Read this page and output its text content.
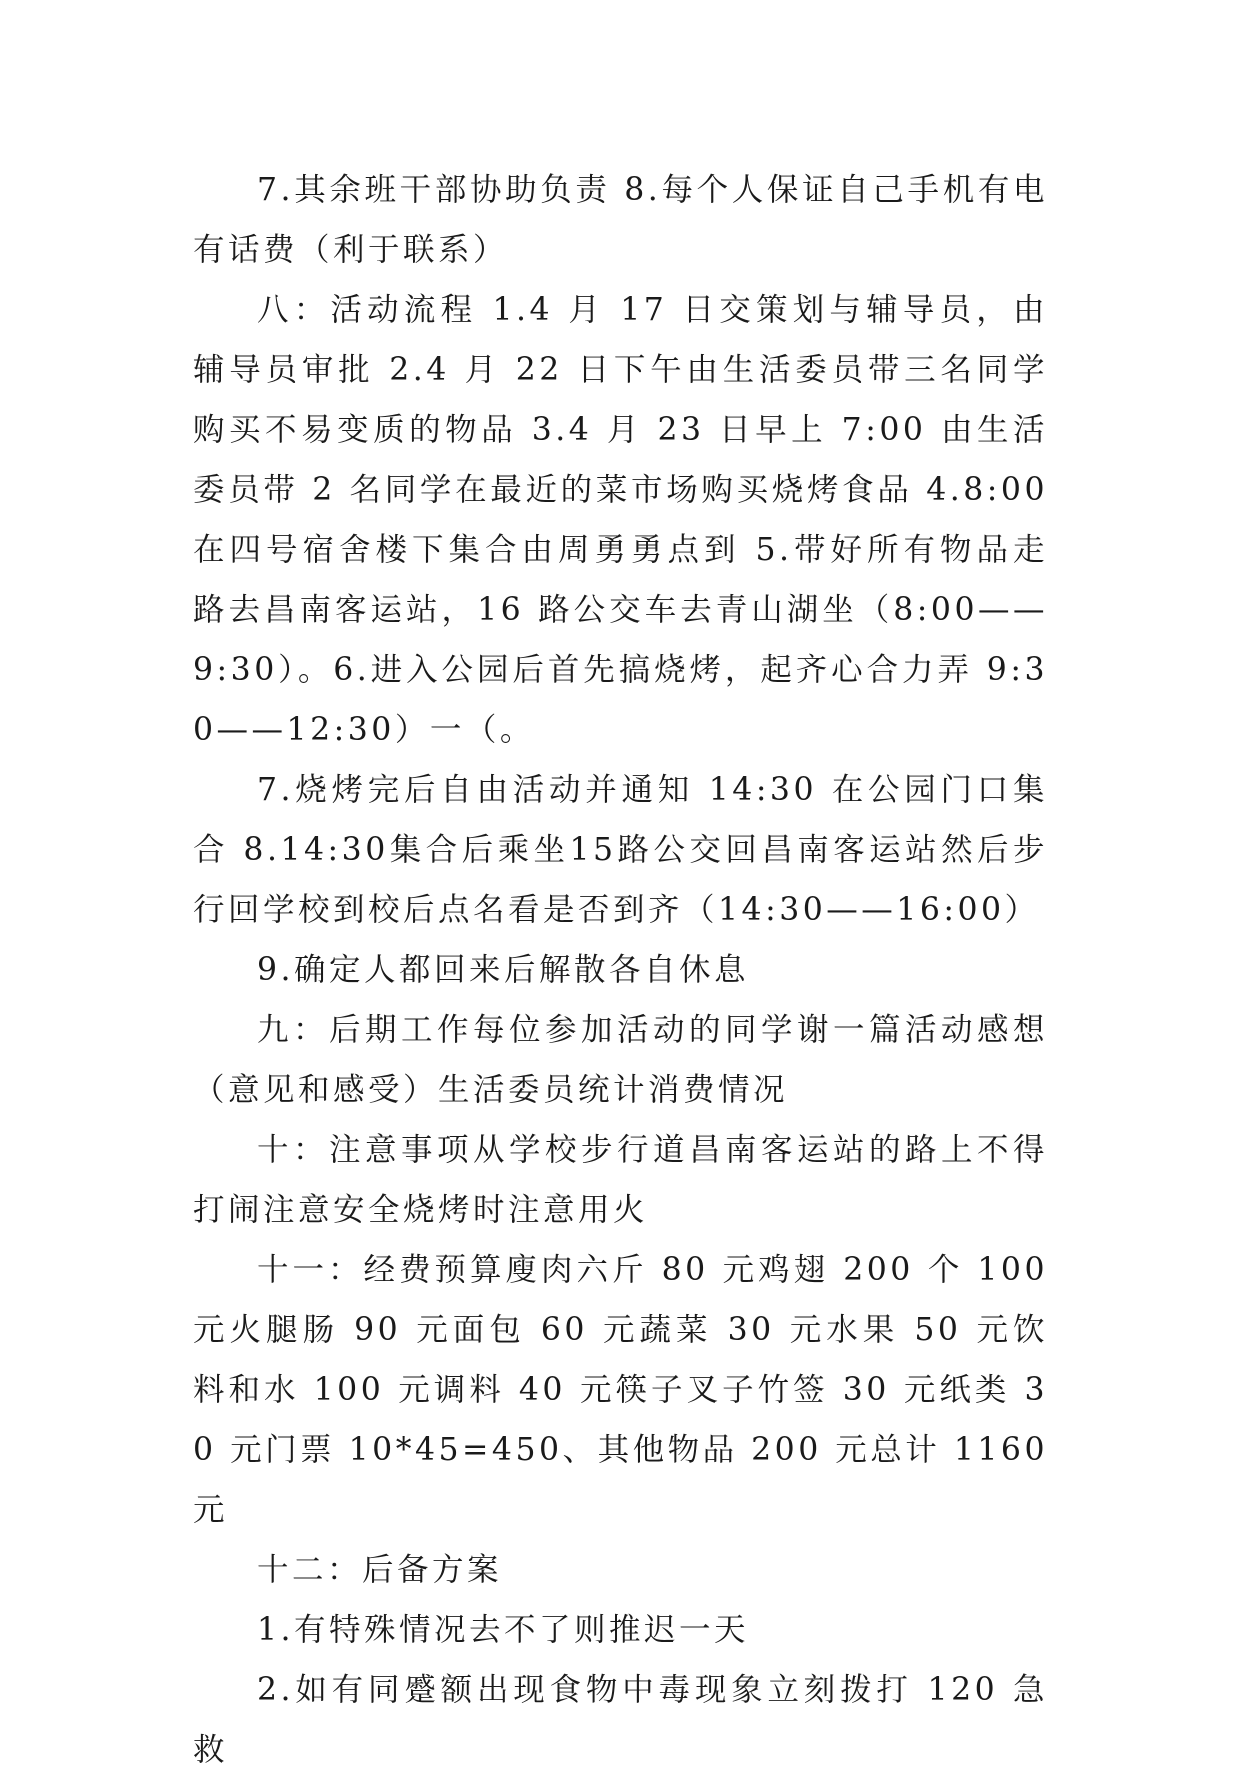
7.其余班干部协助负责 8.每个人保证自己手机有电有话费（利于联系）

八：活动流程 1.4 月 17 日交策划与辅导员，由辅导员审批 2.4 月 22 日下午由生活委员带三名同学购买不易变质的物品 3.4 月 23 日早上 7:00 由生活委员带 2 名同学在最近的菜市场购买烧烤食品 4.8:00 在四号宿舍楼下集合由周勇勇点到 5.带好所有物品走路去昌南客运站，16 路公交车去青山湖坐（8:00——9:30）。6.进入公园后首先搞烧烤，起齐心合力弄 9:30——12:30）一（。

7.烧烤完后自由活动并通知 14:30 在公园门口集合 8.14:30集合后乘坐15路公交回昌南客运站然后步行回学校到校后点名看是否到齐（14:30——16:00）

9.确定人都回来后解散各自休息

九：后期工作每位参加活动的同学谢一篇活动感想（意见和感受）生活委员统计消费情况

十：注意事项从学校步行道昌南客运站的路上不得打闹注意安全烧烤时注意用火

十一：经费预算廋肉六斤 80 元鸡翅 200 个 100 元火腿肠 90 元面包 60 元蔬菜 30 元水果 50 元饮料和水 100 元调料 40 元筷子叉子竹签 30 元纸类 30 元门票 10*45=450、其他物品 200 元总计 1160 元

十二：后备方案

1.有特殊情况去不了则推迟一天

2.如有同蹙额出现食物中毒现象立刻拨打 120 急救
